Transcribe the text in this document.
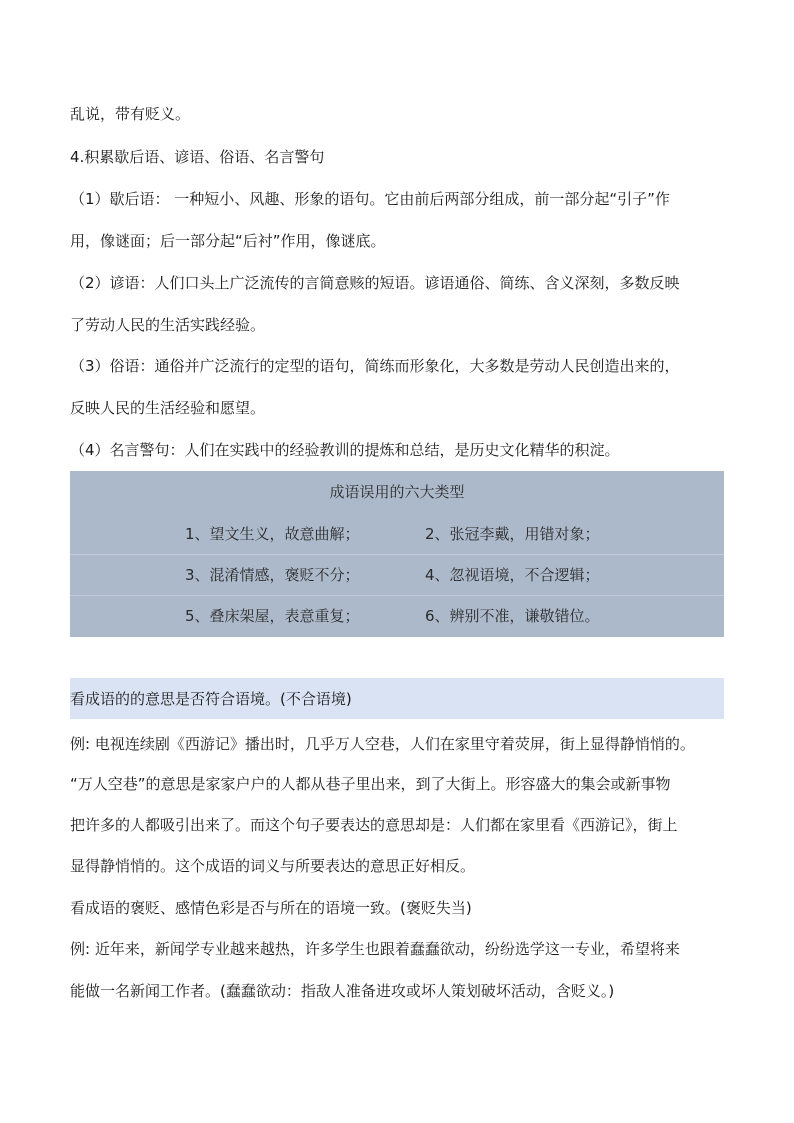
乱说，带有贬义。
4.积累歇后语、谚语、俗语、名言警句
（1）歇后语： 一种短小、风趣、形象的语句。它由前后两部分组成，前一部分起“引子”作
用，像谜面；后一部分起“后衬”作用，像谜底。
（2）谚语：人们口头上广泛流传的言简意赅的短语。谚语通俗、简练、含义深刻，多数反映
了劳动人民的生活实践经验。
（3）俗语：通俗并广泛流行的定型的语句，简练而形象化，大多数是劳动人民创造出来的，
反映人民的生活经验和愿望。
（4）名言警句：人们在实践中的经验教训的提炼和总结，是历史文化精华的积淀。
成语误用的六大类型
1、望文生义，故意曲解；	2、张冠李戴，用错对象；
3、混淆情感，褒贬不分；	4、忽视语境，不合逻辑；
5、叠床架屋，表意重复；	6、辨别不准，谦敬错位。
看成语的的意思是否符合语境。(不合语境)
例: 电视连续剧《西游记》播出时，几乎万人空巷，人们在家里守着荧屏，街上显得静悄悄的。
“万人空巷”的意思是家家户户的人都从巷子里出来，到了大街上。形容盛大的集会或新事物
把许多的人都吸引出来了。而这个句子要表达的意思却是：人们都在家里看《西游记》，街上
显得静悄悄的。这个成语的词义与所要表达的意思正好相反。
看成语的褒贬、感情色彩是否与所在的语境一致。(褒贬失当)
例: 近年来，新闻学专业越来越热，许多学生也跟着蠢蠢欲动，纷纷选学这一专业，希望将来
能做一名新闻工作者。(蠢蠢欲动：指敌人准备进攻或坏人策划破坏活动，含贬义。)
